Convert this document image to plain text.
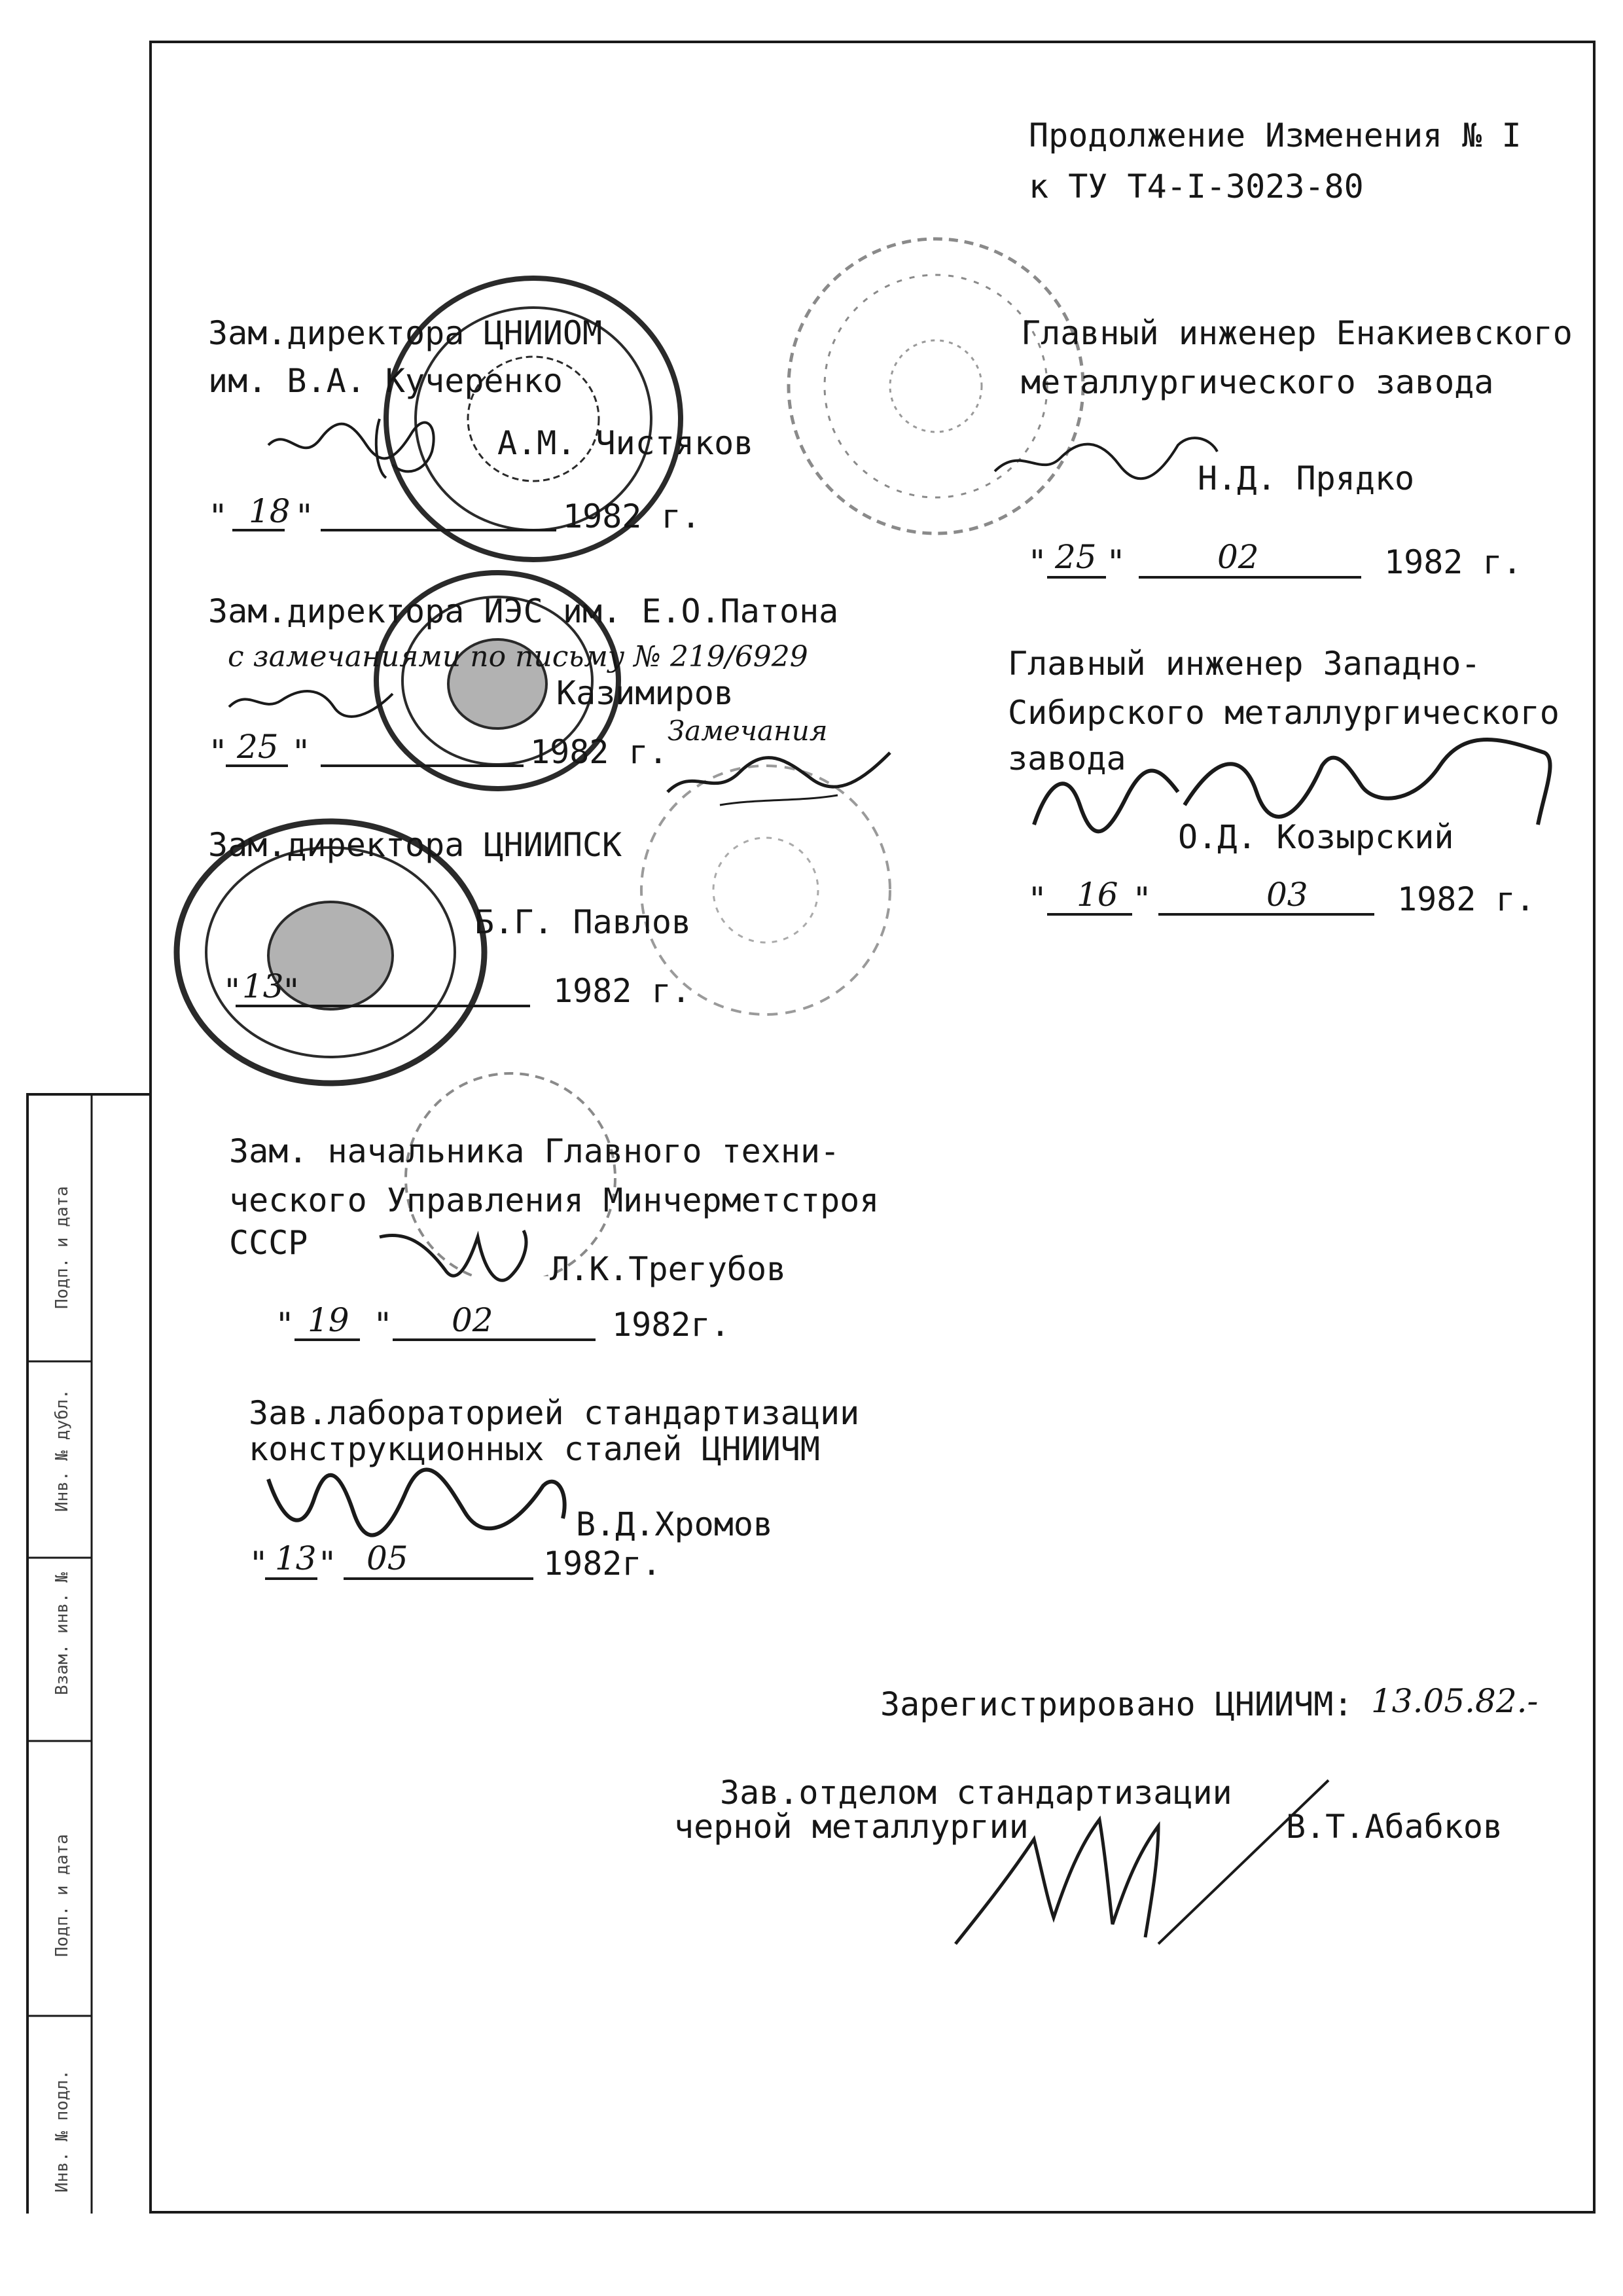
Подп. и дата
Инв. № дубл.
Взам. инв. №
Подп. и дата
Инв. № подл.
Продолжение Изменения № I
к ТУ Т4-I-3023-80
Зам.директора ЦНИИОМ
им. В.А. Кучеренко
А.М. Чистяков
" 18 "	1982 г.
Зам.директора ИЭС им. Е.О.Патона
с замечаниями по письму № 219/6929
Казимиров
Замечания
" 25 "	1982 г.
Зам.директора ЦНИИПСК
Б.Г. Павлов
" 13
"	1982 г.
Главный инженер Енакиевского
металлургического завода
Н.Д. Прядко
" 25 "	02	1982 г.
Главный инженер Западно-
Сибирского металлургического
завода
О.Д. Козырский
" 16 "	03	1982 г.
Зам. начальника Главного техни-
ческого Управления Минчерметстроя
СССР
Л.К.Трегубов
" 19 " 02	1982г.
Зав.лабораторией стандартизации
конструкционных сталей ЦНИИЧМ
В.Д.Хромов
" 13 " 05	1982г.
Зарегистрировано ЦНИИЧМ: 13.05.82.-
Зав.отделом стандартизации
черной металлургии	В.Т.Абабков
